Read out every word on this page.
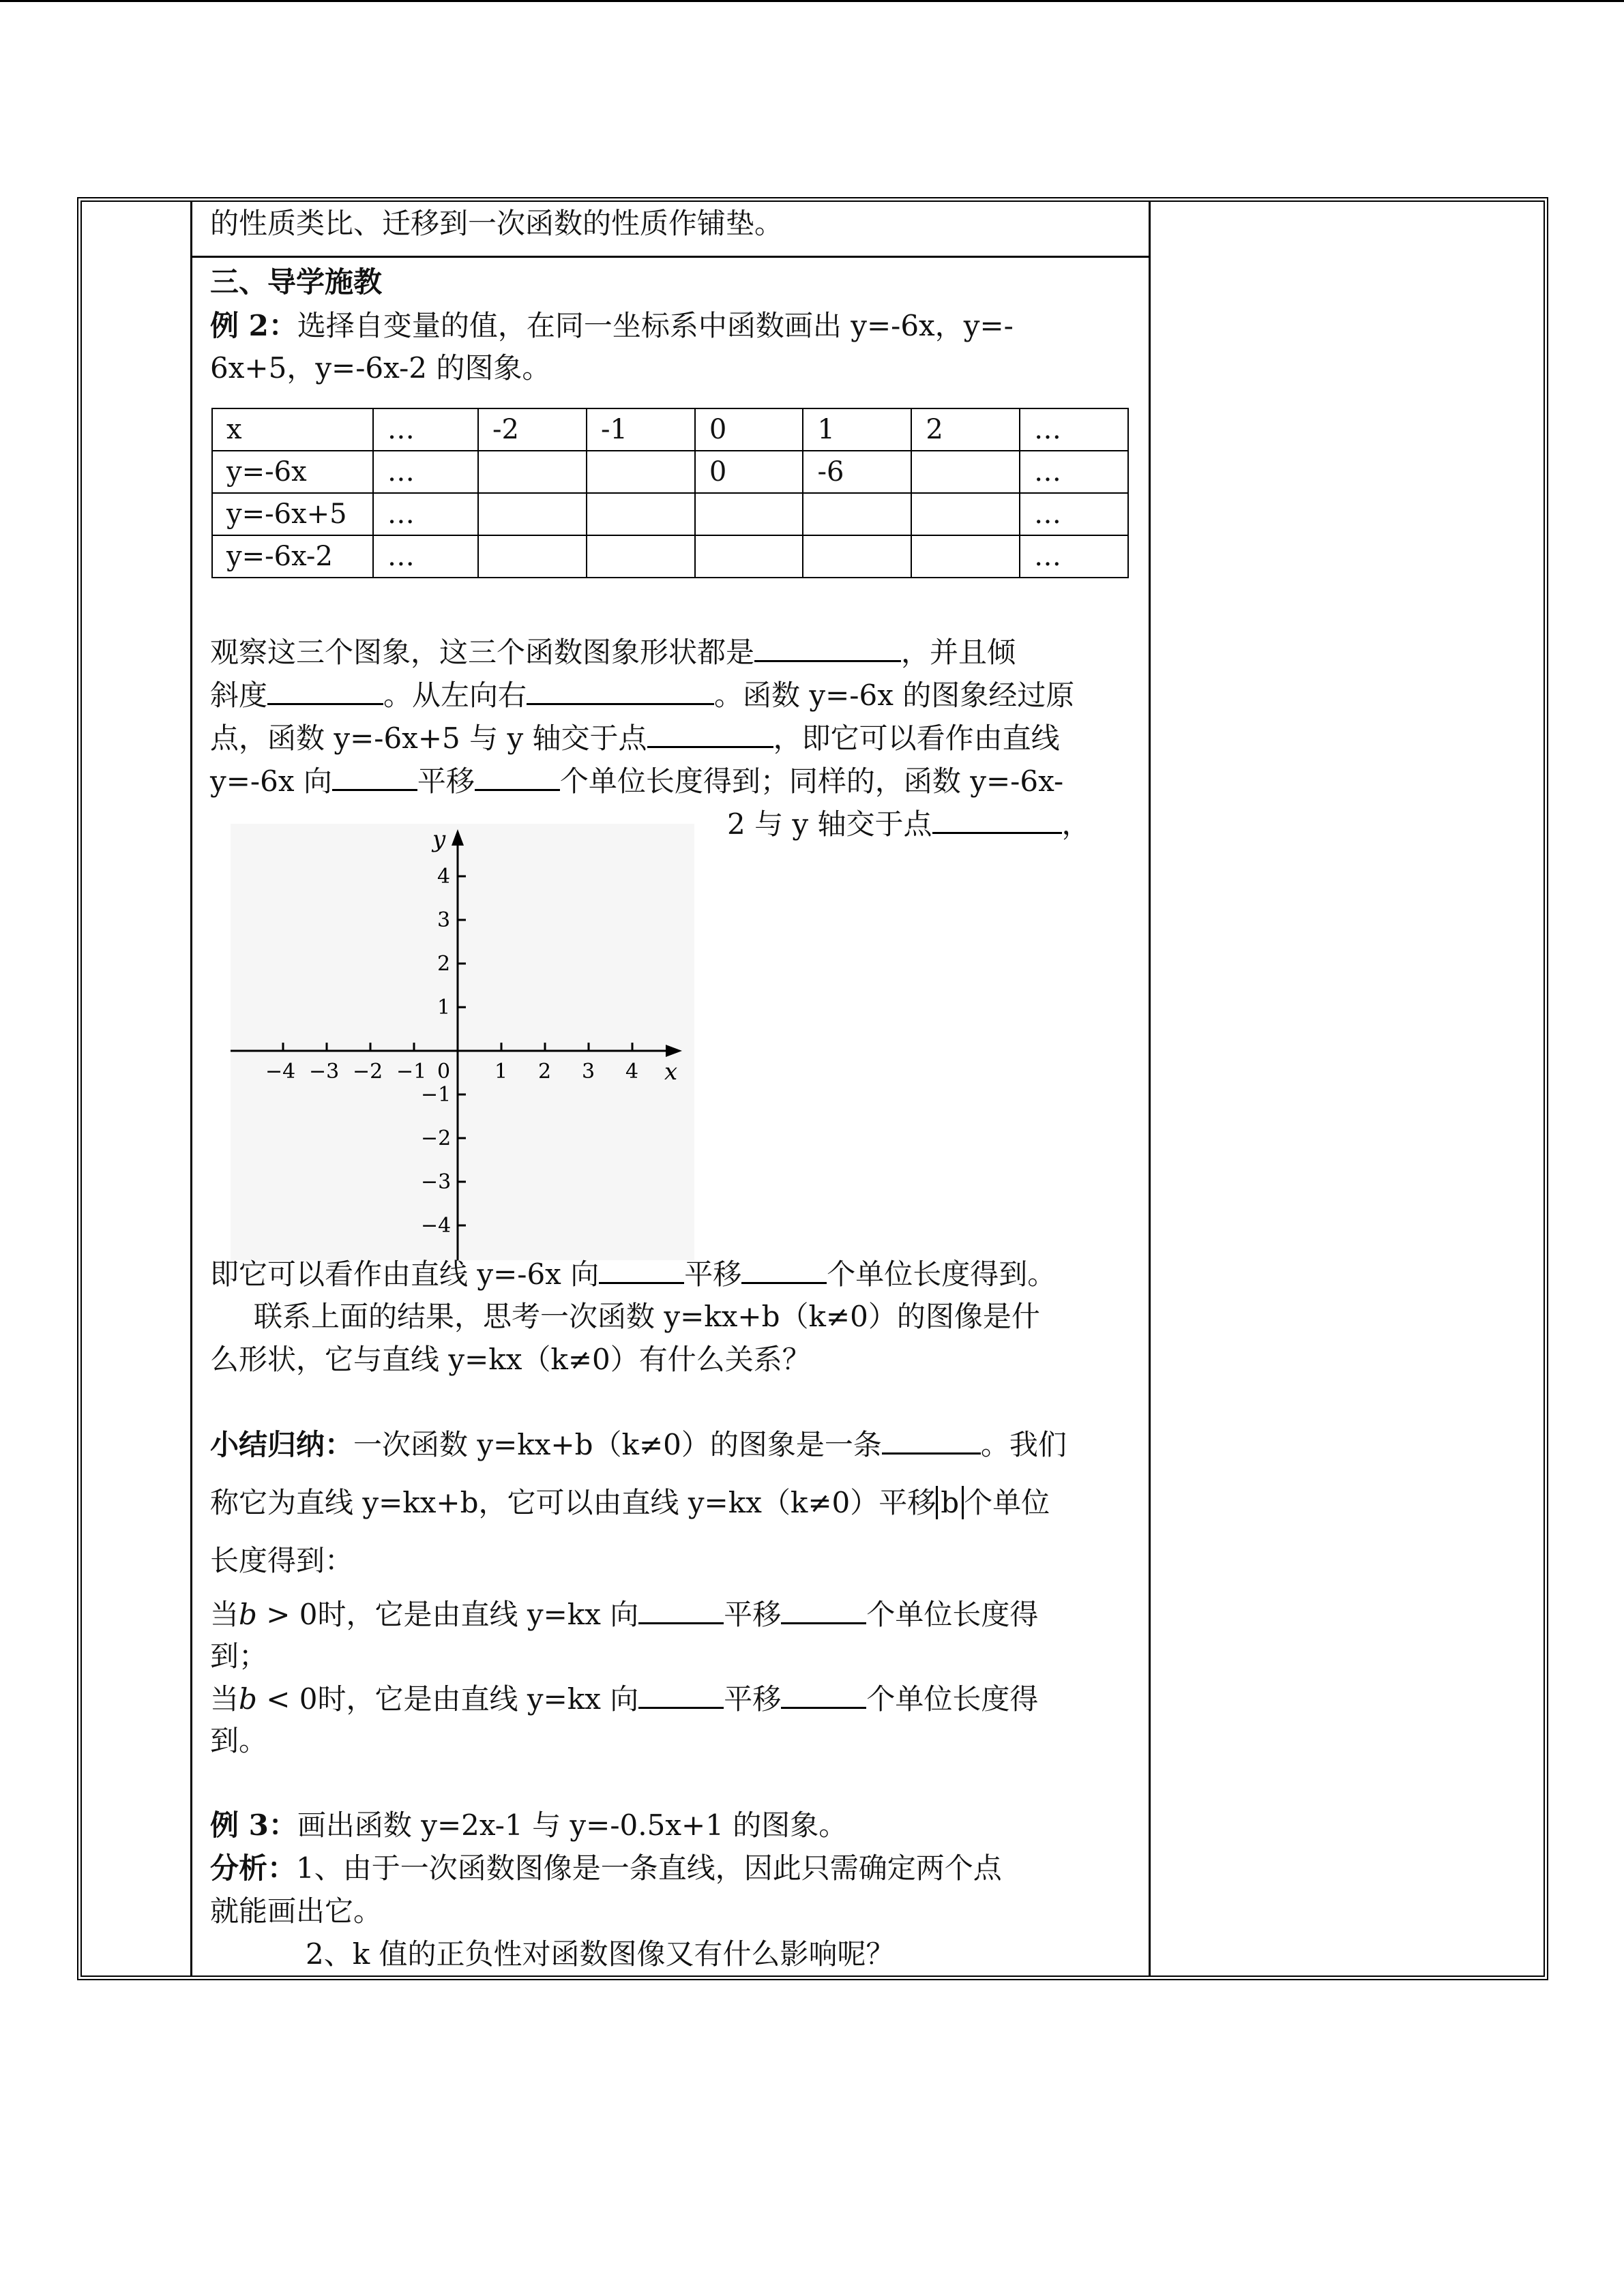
的性质类比、迁移到一次函数的性质作铺垫。
三、导学施教
例 2：选择自变量的值，在同一坐标系中函数画出 y=-6x，y=-
6x+5，y=-6x-2 的图象。
x	…	-2	-1	0	1	2	…
y=-6x	…			0	-6		…
y=-6x+5	…						…
y=-6x-2	…						…
观察这三个图象，这三个函数图象形状都是	，并且倾
斜度	。从左向右	。函数 y=-6x 的图象经过原
点，函数 y=-6x+5 与 y 轴交于点	，即它可以看作由直线
y=-6x 向	平移	个单位长度得到；同样的，函数 y=-6x-
2 与 y 轴交于点	，
−4 −3 −2 −1 0 1 2 3 4
4
3
2
1
−1
−2
−3
−4
x
y
即它可以看作由直线 y=-6x 向	平移	个单位长度得到。
联系上面的结果，思考一次函数 y=kx+b（k≠0）的图像是什
么形状，它与直线 y=kx（k≠0）有什么关系？
小结归纳：一次函数 y=kx+b（k≠0）的图象是一条	。我们
称它为直线 y=kx+b，它可以由直线 y=kx（k≠0）平移 b 个单位
长度得到：
当b > 0时，它是由直线 y=kx 向	平移	个单位长度得
到；
当b < 0时，它是由直线 y=kx 向	平移	个单位长度得
到。
例 3：画出函数 y=2x-1 与 y=-0.5x+1 的图象。
分析：1、由于一次函数图像是一条直线，因此只需确定两个点
就能画出它。
2、k 值的正负性对函数图像又有什么影响呢？
